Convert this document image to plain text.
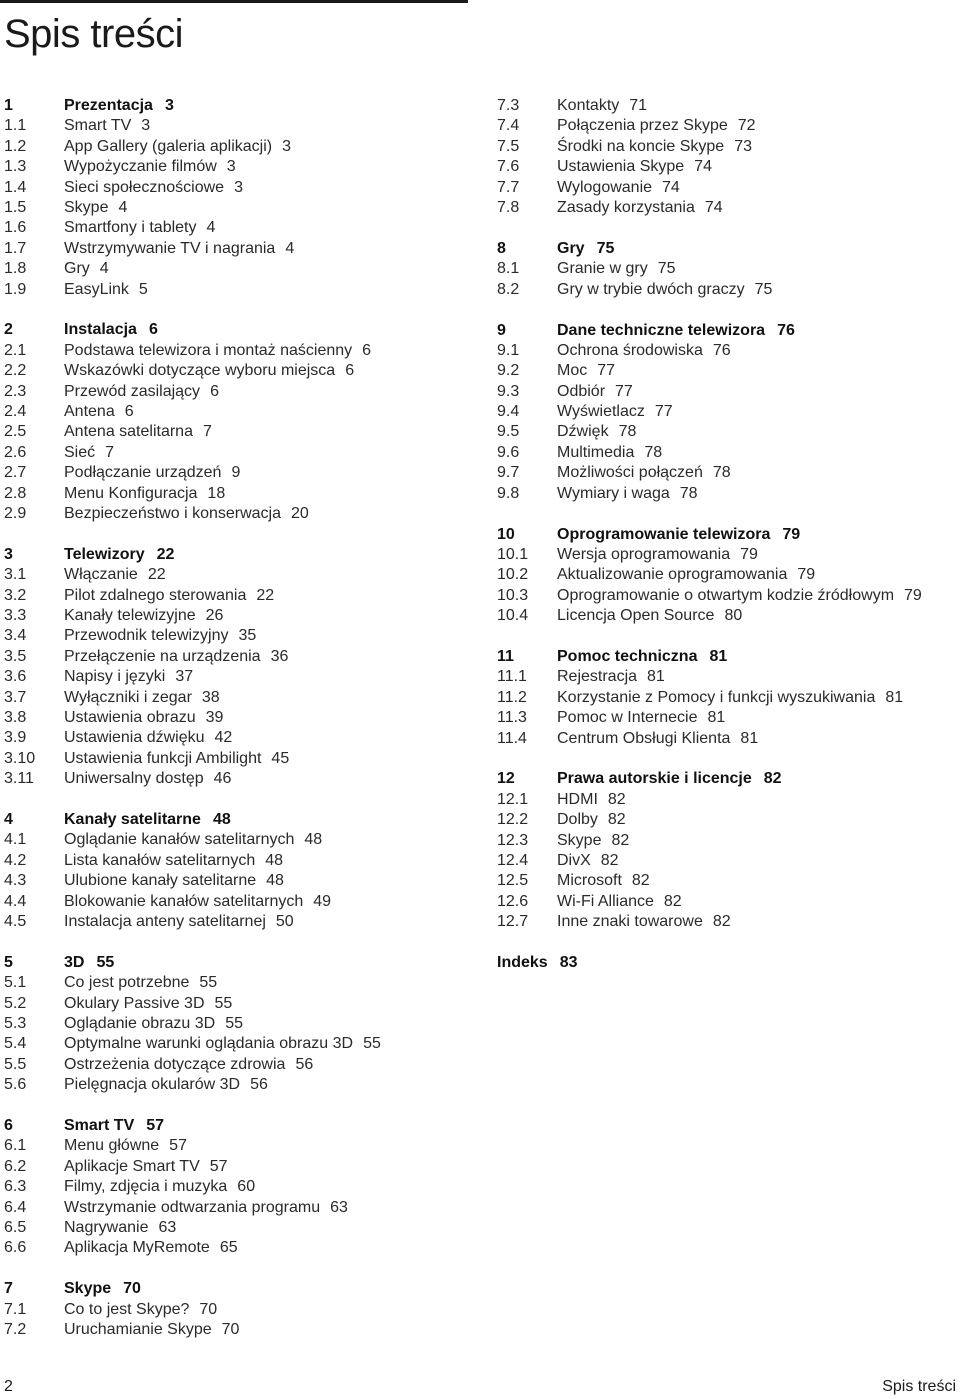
Spis treści
1	Prezentacja 3
1.1 Smart TV 3
1.2 App Gallery (galeria aplikacji) 3
1.3 Wypożyczanie filmów 3
1.4 Sieci społecznościowe 3
1.5 Skype 4
1.6 Smartfony i tablety 4
1.7 Wstrzymywanie TV i nagrania 4
1.8 Gry 4
1.9 EasyLink 5
2	Instalacja 6
2.1 Podstawa telewizora i montaż naścienny 6
2.2 Wskazówki dotyczące wyboru miejsca 6
2.3 Przewód zasilający 6
2.4 Antena 6
2.5 Antena satelitarna 7
2.6 Sieć 7
2.7 Podłączanie urządzeń 9
2.8 Menu Konfiguracja 18
2.9 Bezpieczeństwo i konserwacja 20
3	Telewizory 22
3.1 Włączanie 22
3.2 Pilot zdalnego sterowania 22
3.3 Kanały telewizyjne 26
3.4 Przewodnik telewizyjny 35
3.5 Przełączenie na urządzenia 36
3.6 Napisy i języki 37
3.7 Wyłączniki i zegar 38
3.8 Ustawienia obrazu 39
3.9 Ustawienia dźwięku 42
3.10 Ustawienia funkcji Ambilight 45
3.11 Uniwersalny dostęp 46
4	Kanały satelitarne 48
4.1 Oglądanie kanałów satelitarnych 48
4.2 Lista kanałów satelitarnych 48
4.3 Ulubione kanały satelitarne 48
4.4 Blokowanie kanałów satelitarnych 49
4.5 Instalacja anteny satelitarnej 50
5	3D 55
5.1 Co jest potrzebne 55
5.2 Okulary Passive 3D 55
5.3 Oglądanie obrazu 3D 55
5.4 Optymalne warunki oglądania obrazu 3D 55
5.5 Ostrzeżenia dotyczące zdrowia 56
5.6 Pielęgnacja okularów 3D 56
6	Smart TV 57
6.1 Menu główne 57
6.2 Aplikacje Smart TV 57
6.3 Filmy, zdjęcia i muzyka 60
6.4 Wstrzymanie odtwarzania programu 63
6.5 Nagrywanie 63
6.6 Aplikacja MyRemote 65
7	Skype 70
7.1 Co to jest Skype? 70
7.2 Uruchamianie Skype 70
7.3 Kontakty 71
7.4 Połączenia przez Skype 72
7.5 Środki na koncie Skype 73
7.6 Ustawienia Skype 74
7.7 Wylogowanie 74
7.8 Zasady korzystania 74
8	Gry 75
8.1 Granie w gry 75
8.2 Gry w trybie dwóch graczy 75
9	Dane techniczne telewizora 76
9.1 Ochrona środowiska 76
9.2 Moc 77
9.3 Odbiór 77
9.4 Wyświetlacz 77
9.5 Dźwięk 78
9.6 Multimedia 78
9.7 Możliwości połączeń 78
9.8 Wymiary i waga 78
10	Oprogramowanie telewizora 79
10.1 Wersja oprogramowania 79
10.2 Aktualizowanie oprogramowania 79
10.3 Oprogramowanie o otwartym kodzie źródłowym 79
10.4 Licencja Open Source 80
11	Pomoc techniczna 81
11.1 Rejestracja 81
11.2 Korzystanie z Pomocy i funkcji wyszukiwania 81
11.3 Pomoc w Internecie 81
11.4 Centrum Obsługi Klienta 81
12	Prawa autorskie i licencje 82
12.1 HDMI 82
12.2 Dolby 82
12.3 Skype 82
12.4 DivX 82
12.5 Microsoft 82
12.6 Wi-Fi Alliance 82
12.7 Inne znaki towarowe 82
Indeks 83
2	Spis treści
